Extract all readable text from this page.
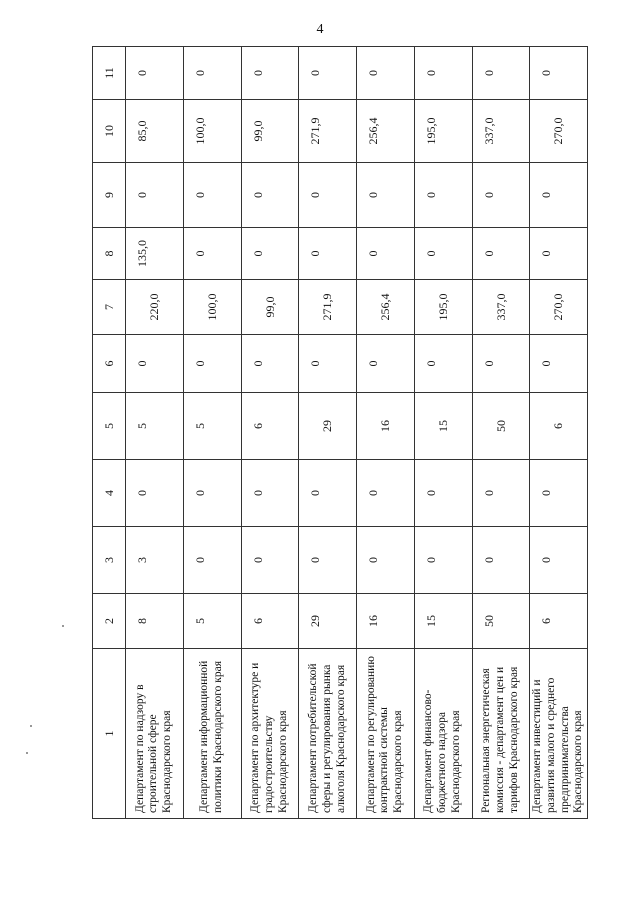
4
1	2	3	4	5	6	7	8	9	10	11
Департамент по надзору в строительной сфере Краснодарского края	8	3	0	5	0	220,0	135,0	0	85,0	0
Департамент информационной политики Краснодарского края	5	0	0	5	0	100,0	0	0	100,0	0
Департамент по архитектуре и градостроительству Краснодарского края	6	0	0	6	0	99,0	0	0	99,0	0
Департамент потребительской сферы и регулирования рынка алкоголя Краснодарского края	29	0	0	29	0	271,9	0	0	271,9	0
Департамент по регулированию контрактной системы Краснодарского края	16	0	0	16	0	256,4	0	0	256,4	0
Департамент финансово-бюджетного надзора Краснодарского края	15	0	0	15	0	195,0	0	0	195,0	0
Региональная энергетическая комиссия - департамент цен и тарифов Краснодарского края	50	0	0	50	0	337,0	0	0	337,0	0
Департамент инвестиций и развития малого и среднего предпринимательства Краснодарского края	6	0	0	6	0	270,0	0	0	270,0	0
